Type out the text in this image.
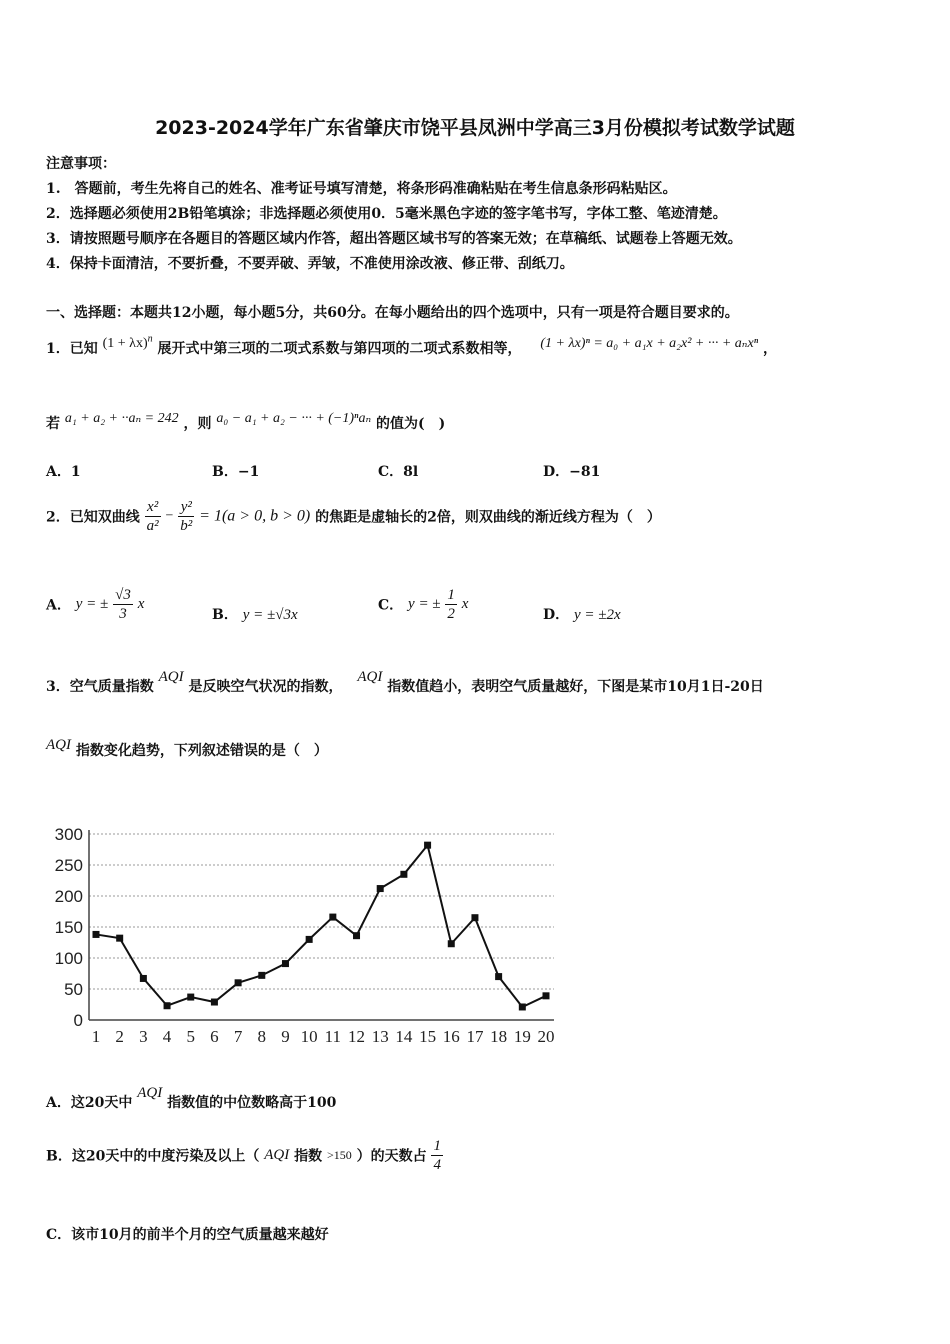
2023-2024学年广东省肇庆市饶平县凤洲中学高三3月份模拟考试数学试题
注意事项：
1.　答题前，考生先将自己的姓名、准考证号填写清楚，将条形码准确粘贴在考生信息条形码粘贴区。
2．选择题必须使用2B铅笔填涂；非选择题必须使用0．5毫米黑色字迹的签字笔书写，字体工整、笔迹清楚。
3．请按照题号顺序在各题目的答题区域内作答，超出答题区域书写的答案无效；在草稿纸、试题卷上答题无效。
4．保持卡面清洁，不要折叠，不要弄破、弄皱，不准使用涂改液、修正带、刮纸刀。
一、选择题：本题共12小题，每小题5分，共60分。在每小题给出的四个选项中，只有一项是符合题目要求的。
1．已知 $(1 + \lambda x)^n$ 展开式中第三项的二项式系数与第四项的二项式系数相等， (1 + λx)ⁿ = a₀ + a₁x + a₂x² + ··· + aₙxⁿ ，
若 a₁ + a₂ + ··aₙ = 242 ，则 a₀ − a₁ + a₂ − ··· + (−1)ⁿaₙ 的值为(　)
A．1	B．−1	C．8l	D．−81
2．已知双曲线 $\frac{\text{x²}}{\text{a²}} - \frac{\text{y²}}{\text{b²}} = 1(a > 0$, b > 0) 的焦距是虚轴长的2倍，则双曲线的渐近线方程为（　）
A． y = ± $\frac{√3}{3}$ x
B． y = ±√3x
C． y = ± $\frac{1}{2}$ x
D． y = ±2x
3．空气质量指数 AQI 是反映空气状况的指数， AQI 指数值趋小，表明空气质量越好，下图是某市10月1日-20日
AQI 指数变化趋势，下列叙述错误的是（　）
300
250
200
150
100
50
0
1 2 3 4 5 6 7 8 9 10 11 12 13 14 15 16 17 18 19 20
A．这20天中 AQI 指数值的中位数略高于100
B．这20天中的中度污染及以上（ AQI 指数 >150 ）的天数占 $\frac{1}{4}$
C．该市10月的前半个月的空气质量越来越好
